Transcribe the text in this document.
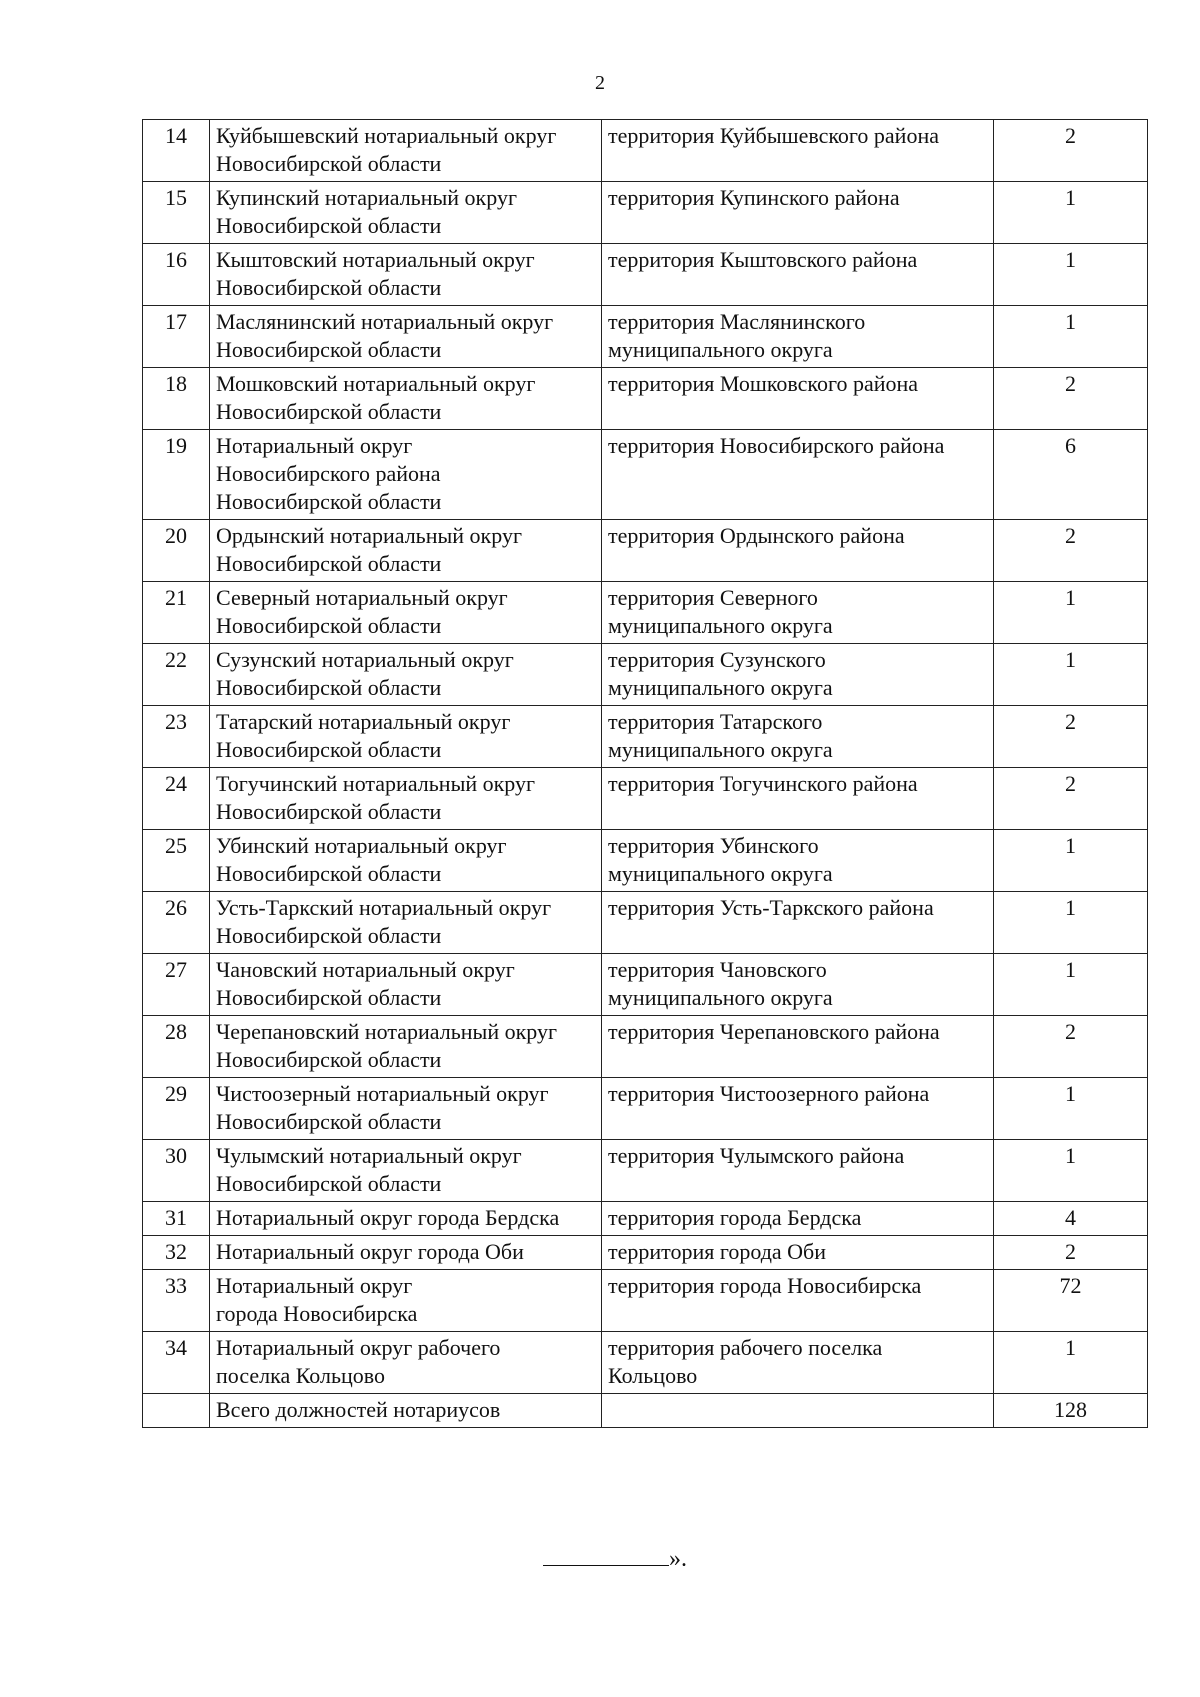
2
14	Куйбышевский нотариальный округ
Новосибирской области	территория Куйбышевского района	2
15	Купинский нотариальный округ
Новосибирской области	территория Купинского района	1
16	Кыштовский нотариальный округ
Новосибирской области	территория Кыштовского района	1
17	Маслянинский нотариальный округ
Новосибирской области	территория Маслянинского
муниципального округа	1
18	Мошковский нотариальный округ
Новосибирской области	территория Мошковского района	2
19	Нотариальный округ
Новосибирского района
Новосибирской области	территория Новосибирского района	6
20	Ордынский нотариальный округ
Новосибирской области	территория Ордынского района	2
21	Северный нотариальный округ
Новосибирской области	территория Северного
муниципального округа	1
22	Сузунский нотариальный округ
Новосибирской области	территория Сузунского
муниципального округа	1
23	Татарский нотариальный округ
Новосибирской области	территория Татарского
муниципального округа	2
24	Тогучинский нотариальный округ
Новосибирской области	территория Тогучинского района	2
25	Убинский нотариальный округ
Новосибирской области	территория Убинского
муниципального округа	1
26	Усть-Таркский нотариальный округ
Новосибирской области	территория Усть-Таркского района	1
27	Чановский нотариальный округ
Новосибирской области	территория Чановского
муниципального округа	1
28	Черепановский нотариальный округ
Новосибирской области	территория Черепановского района	2
29	Чистоозерный нотариальный округ
Новосибирской области	территория Чистоозерного района	1
30	Чулымский нотариальный округ
Новосибирской области	территория Чулымского района	1
31	Нотариальный округ города Бердска	территория города Бердска	4
32	Нотариальный округ города Оби	территория города Оби	2
33	Нотариальный округ
города Новосибирска	территория города Новосибирска	72
34	Нотариальный округ рабочего
поселка Кольцово	территория рабочего поселка
Кольцово	1
	Всего должностей нотариусов		128
».
